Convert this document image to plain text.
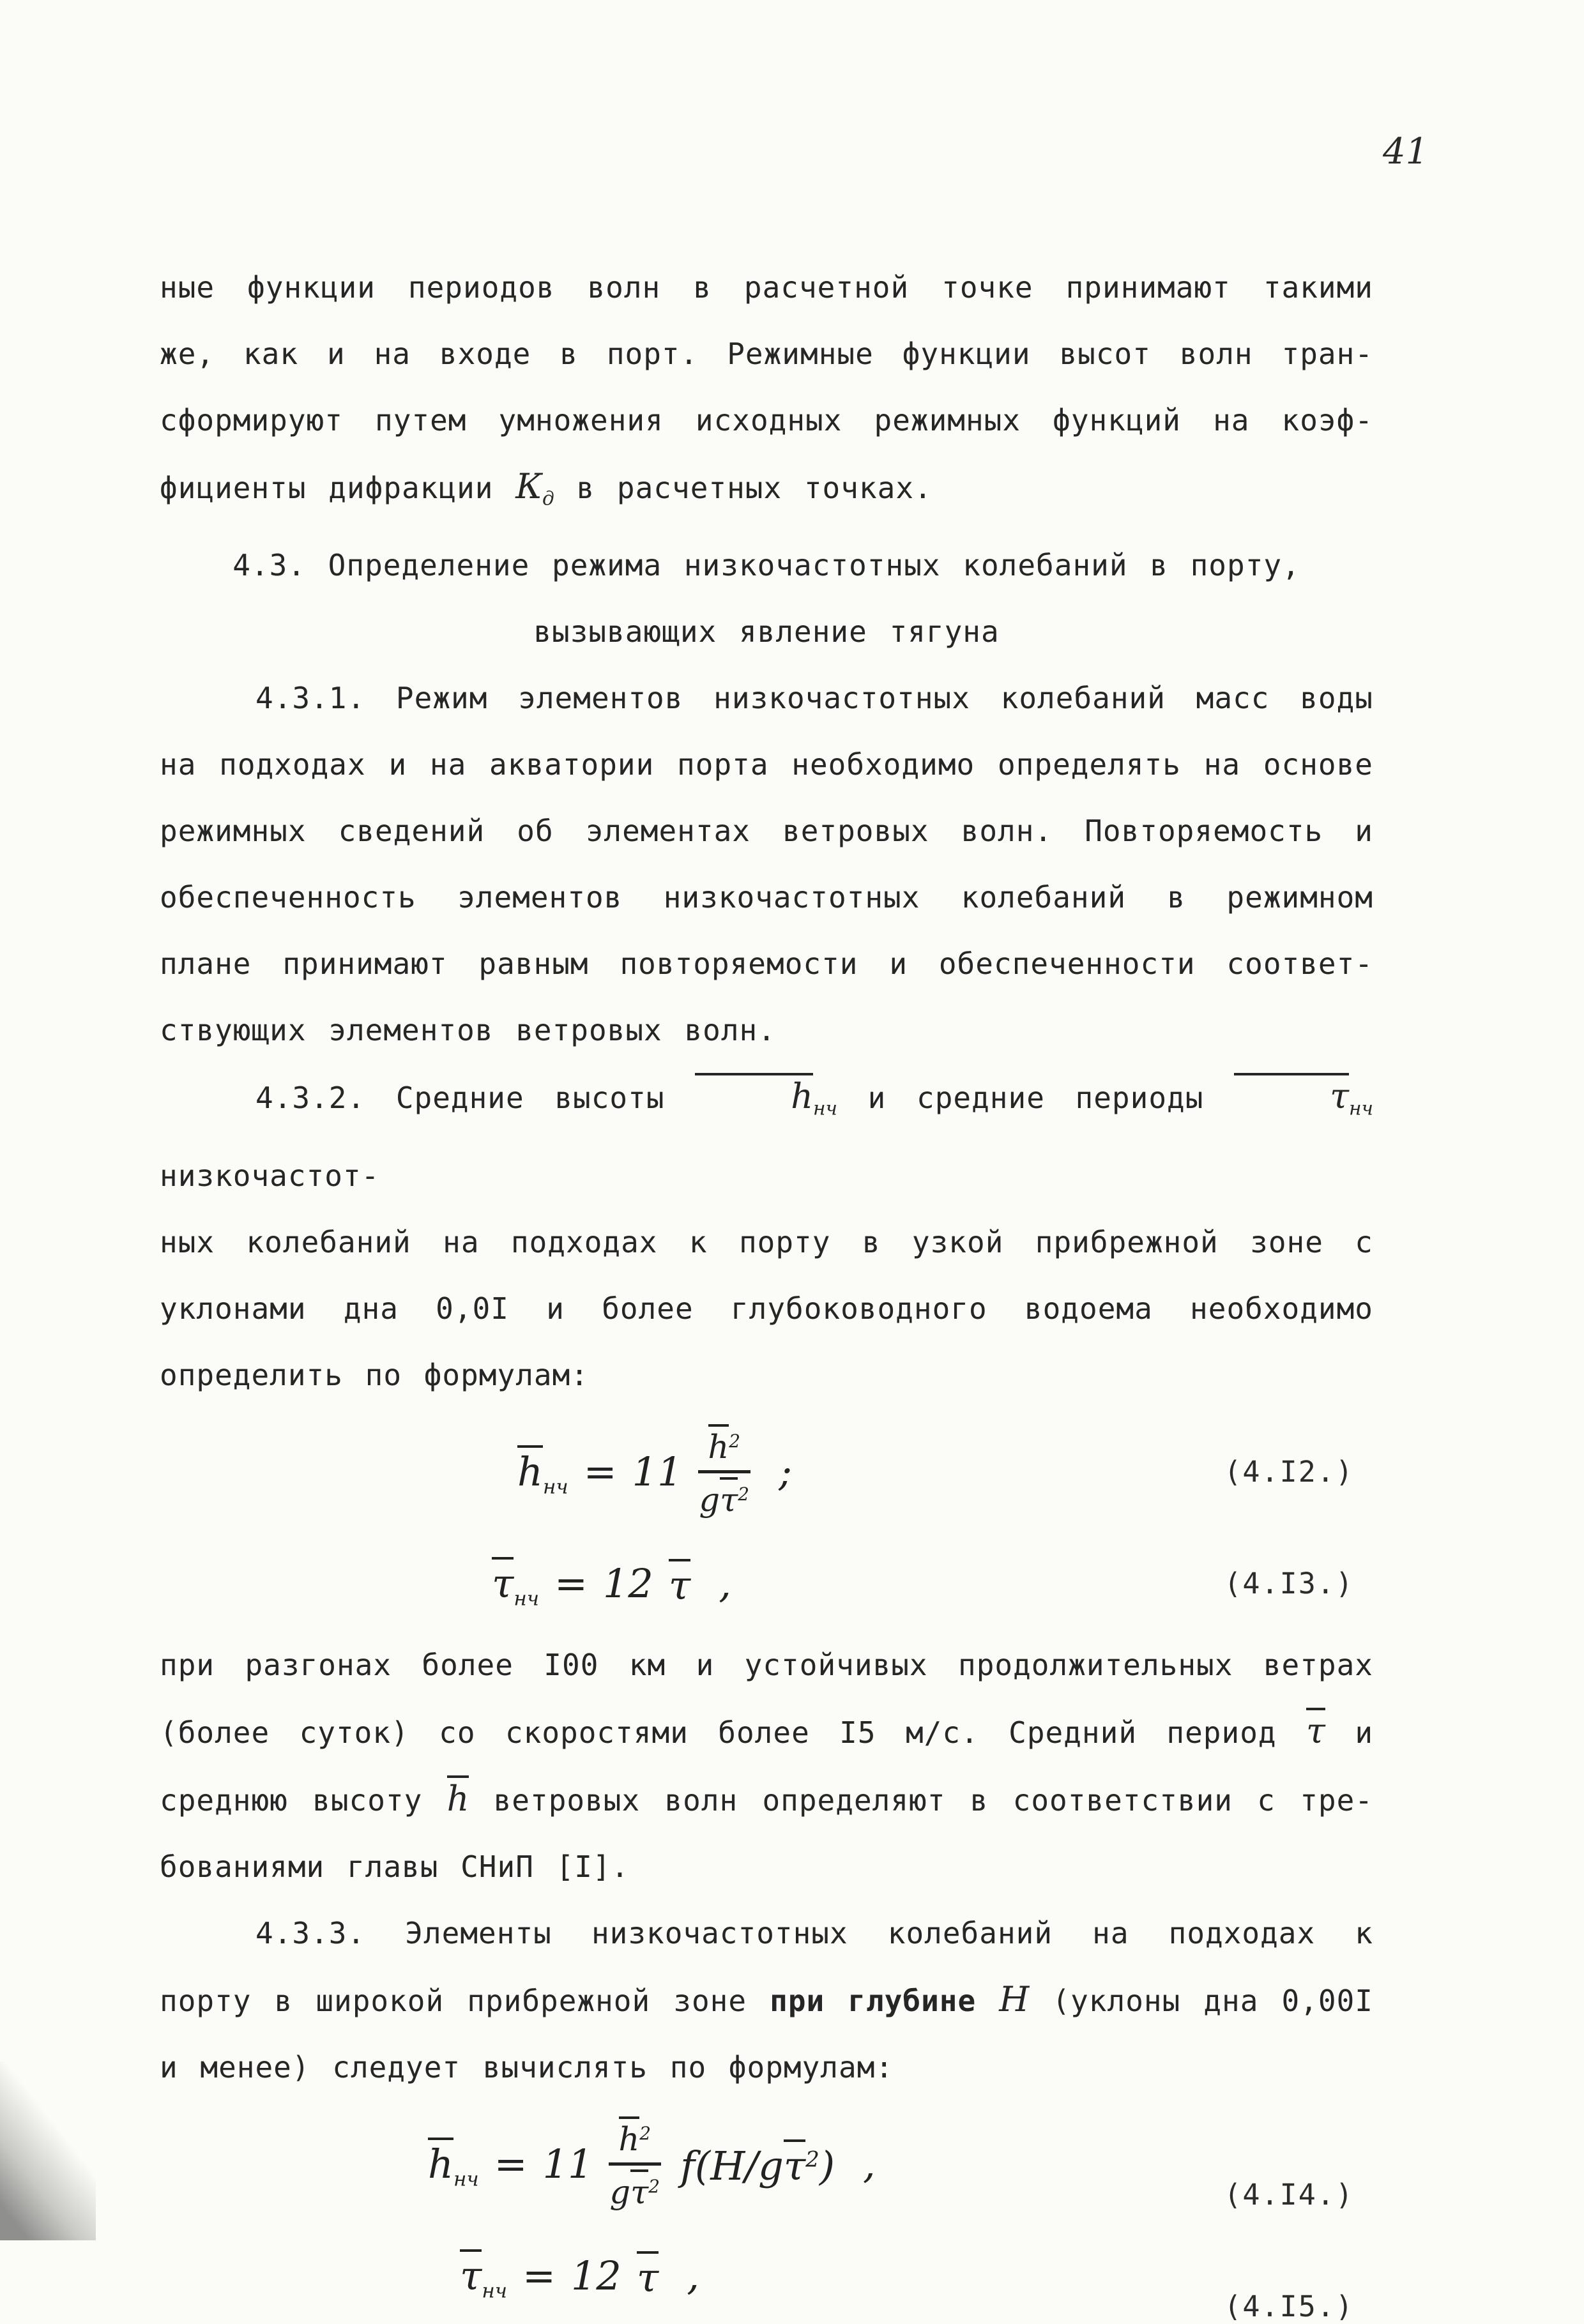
41
ные функции периодов волн в расчетной точке принимают такими
же, как и на входе в порт. Режимные функции высот волн тран-
сформируют путем умножения исходных режимных функций на коэф-
фициенты дифракции Кд в расчетных точках.
4.3. Определение режима низкочастотных колебаний в порту,
вызывающих явление тягуна
4.3.1. Режим элементов низкочастотных колебаний масс воды
на подходах и на акватории порта необходимо определять на основе
режимных сведений об элементах ветровых волн. Повторяемость и
обеспеченность элементов низкочастотных колебаний в режимном
плане принимают равным повторяемости и обеспеченности соответ-
ствующих элементов ветровых волн.
4.3.2. Средние высоты	hнч и средние периоды	τнч низкочастот-
ных колебаний на подходах к порту в узкой прибрежной зоне с
уклонами дна 0,0I и более глубоководного водоема необходимо
определить по формулам:
$h_{нч} = 11 \frac{h^2}{g\tau^2}$ ;	(4.I2.)
$\tau_{нч} = 12$ τ ,	(4.I3.)
при разгонах более I00 км и устойчивых продолжительных ветрах
(более суток) со скоростями более I5 м/с. Средний период τ и
среднюю высоту h ветровых волн определяют в соответствии с тре-
бованиями главы СНиП [I].
4.3.3. Элементы низкочастотных колебаний на подходах к
порту в широкой прибрежной зоне при глубине Н (уклоны дна 0,00I
и менее) следует вычислять по формулам:
$h_{нч} = 11 \frac{h^2}{g\tau^2} f(H/g\tau^2)$ ,
(4.I4.)
$\tau_{нч} = 12$ τ ,
(4.I5.)
